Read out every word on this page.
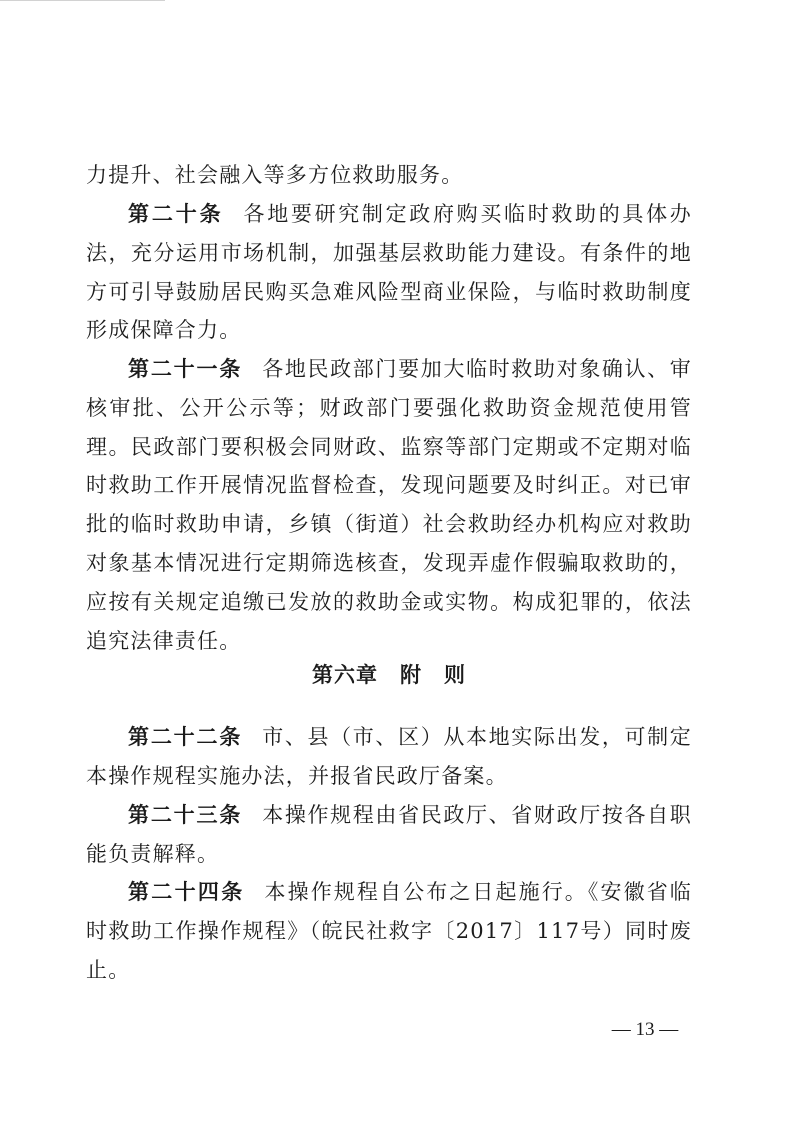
力提升、社会融入等多方位救助服务。

第二十条 各地要研究制定政府购买临时救助的具体办法，充分运用市场机制，加强基层救助能力建设。有条件的地方可引导鼓励居民购买急难风险型商业保险，与临时救助制度形成保障合力。

第二十一条 各地民政部门要加大临时救助对象确认、审核审批、公开公示等；财政部门要强化救助资金规范使用管理。民政部门要积极会同财政、监察等部门定期或不定期对临时救助工作开展情况监督检查，发现问题要及时纠正。对已审批的临时救助申请，乡镇（街道）社会救助经办机构应对救助对象基本情况进行定期筛选核查，发现弄虚作假骗取救助的，应按有关规定追缴已发放的救助金或实物。构成犯罪的，依法追究法律责任。

第六章　附　则

第二十二条 市、县（市、区）从本地实际出发，可制定本操作规程实施办法，并报省民政厅备案。

第二十三条 本操作规程由省民政厅、省财政厅按各自职能负责解释。

第二十四条 本操作规程自公布之日起施行。《安徽省临时救助工作操作规程》（皖民社救字〔2017〕117号）同时废止。

— 13 —
